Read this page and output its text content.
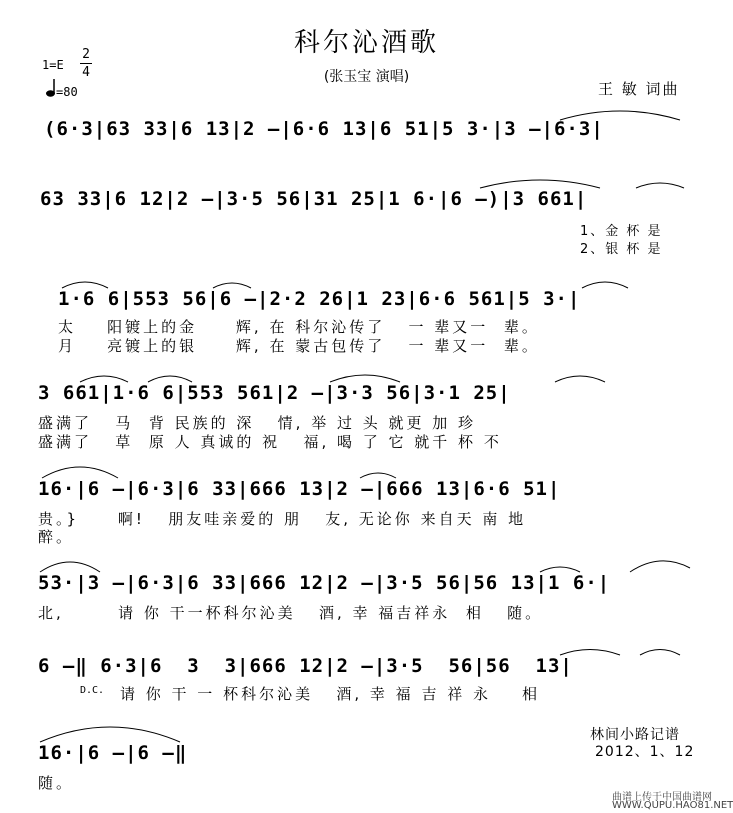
科尔沁酒歌
(张玉宝 演唱)
王 敏 词曲
1=E
2
4
=80
(6·3|63 33|6 13|2 –|6·6 13|6 51|5 3·|3 –|6·3|
63 33|6 12|2 –|3·5 56|31 25|1 6·|6 –)|3 661|
1、金 杯 是
2、银 杯 是
1·6 6|553 56|6 –|2·2 26|1 23|6·6 561|5 3·|
太    阳镀上的金     辉, 在 科尔沁传了   一 辈又一  辈。
月    亮镀上的银     辉, 在 蒙古包传了   一 辈又一  辈。
3 661|1·6 6|553 561|2 –|3·3 56|3·1 25|
盛满了   马  背 民族的 深   情, 举 过 头 就更 加 珍
盛满了   草  原 人 真诚的 祝   福, 喝 了 它 就千 杯 不
16·|6 –|6·3|6 33|666 13|2 –|666 13|6·6 51|
贵。}     啊!   朋友哇亲爱的 朋   友, 无论你 来自天 南 地
醉。
53·|3 –|6·3|6 33|666 12|2 –|3·5 56|56 13|1 6·|
北,       请 你 干一杯科尔沁美   酒, 幸 福吉祥永  相   随。
6 –‖ 6·3|6  3  3|666 12|2 –|3·5  56|56  13|
D.C. 请 你 干 一 杯科尔沁美   酒, 幸 福 吉 祥 永    相
16·|6 –|6 –‖
随。
林间小路记谱
2012、1、12
曲谱上传于中国曲谱网
WWW.QUPU.HAO81.NET
